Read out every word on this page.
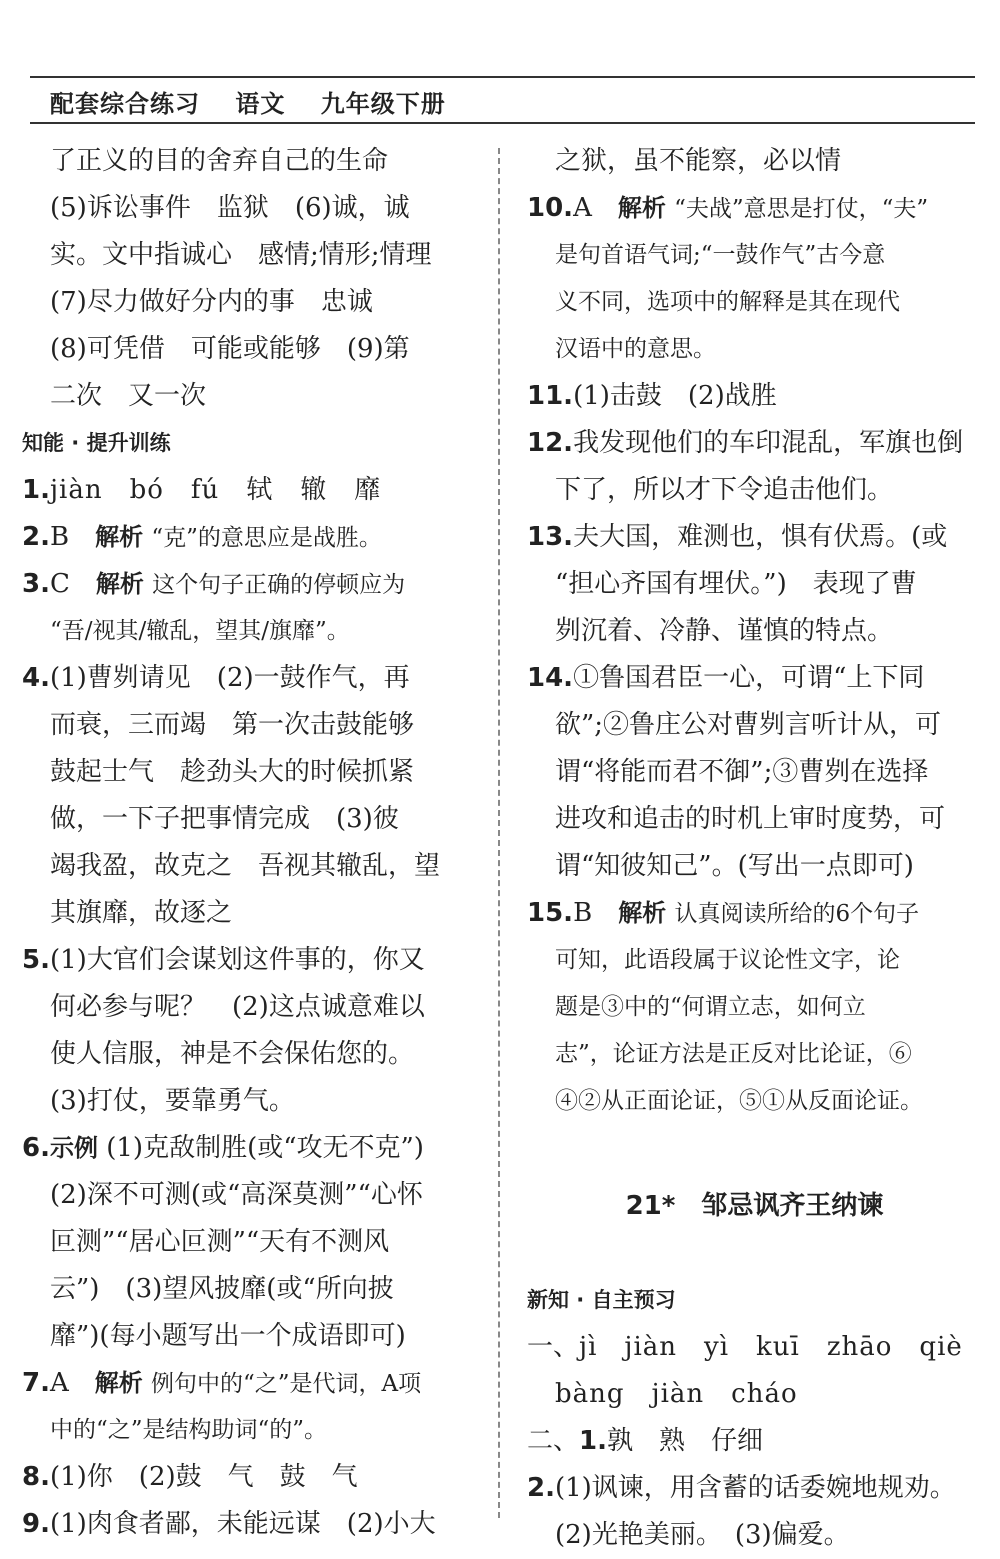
配套综合练习 语文 九年级下册
了正义的目的舍弃自己的生命
(5)诉讼事件　监狱　(6)诚，诚
实。文中指诚心　感情;情形;情理
(7)尽力做好分内的事　忠诚
(8)可凭借　可能或能够　(9)第
二次　又一次
知能 · 提升训练
1.jiàn　bó　fú　轼　辙　靡
2.B　 解析 “克”的意思应是战胜。
3.C　 解析 这个句子正确的停顿应为
“吾/视其/辙乱，望其/旗靡”。
4.(1)曹刿请见　(2)一鼓作气，再
而衰，三而竭　第一次击鼓能够
鼓起士气　趁劲头大的时候抓紧
做，一下子把事情完成　(3)彼
竭我盈，故克之　吾视其辙乱，望
其旗靡，故逐之
5.(1)大官们会谋划这件事的，你又
何必参与呢？　(2)这点诚意难以
使人信服，神是不会保佑您的。
(3)打仗，要靠勇气。
6.示例 (1)克敌制胜(或“攻无不克”)
(2)深不可测(或“高深莫测”“心怀
叵测”“居心叵测”“天有不测风
云”)　(3)望风披靡(或“所向披
靡”)(每小题写出一个成语即可)
7.A　 解析 例句中的“之”是代词，A项
中的“之”是结构助词“的”。
8.(1)你　(2)鼓　气　鼓　气
9.(1)肉食者鄙，未能远谋　(2)小大
之狱，虽不能察，必以情
10.A　 解析 “夫战”意思是打仗，“夫”
是句首语气词;“一鼓作气”古今意
义不同，选项中的解释是其在现代
汉语中的意思。
11.(1)击鼓　(2)战胜
12.我发现他们的车印混乱，军旗也倒
下了，所以才下令追击他们。
13.夫大国，难测也，惧有伏焉。(或
“担心齐国有埋伏。”)　表现了曹
刿沉着、冷静、谨慎的特点。
14.①鲁国君臣一心，可谓“上下同
欲”;②鲁庄公对曹刿言听计从，可
谓“将能而君不御”;③曹刿在选择
进攻和追击的时机上审时度势，可
谓“知彼知己”。(写出一点即可)
15.B　 解析 认真阅读所给的6个句子
可知，此语段属于议论性文字，论
题是③中的“何谓立志，如何立
志”，论证方法是正反对比论证，⑥
④②从正面论证，⑤①从反面论证。
21*　 邹忌讽齐王纳谏
新知 · 自主预习
一、jì　jiàn　yì　kuī　zhāo　qiè
bàng　jiàn　cháo
二、1.孰　熟　仔细
2.(1)讽谏，用含蓄的话委婉地规劝。
(2)光艳美丽。　(3)偏爱。
